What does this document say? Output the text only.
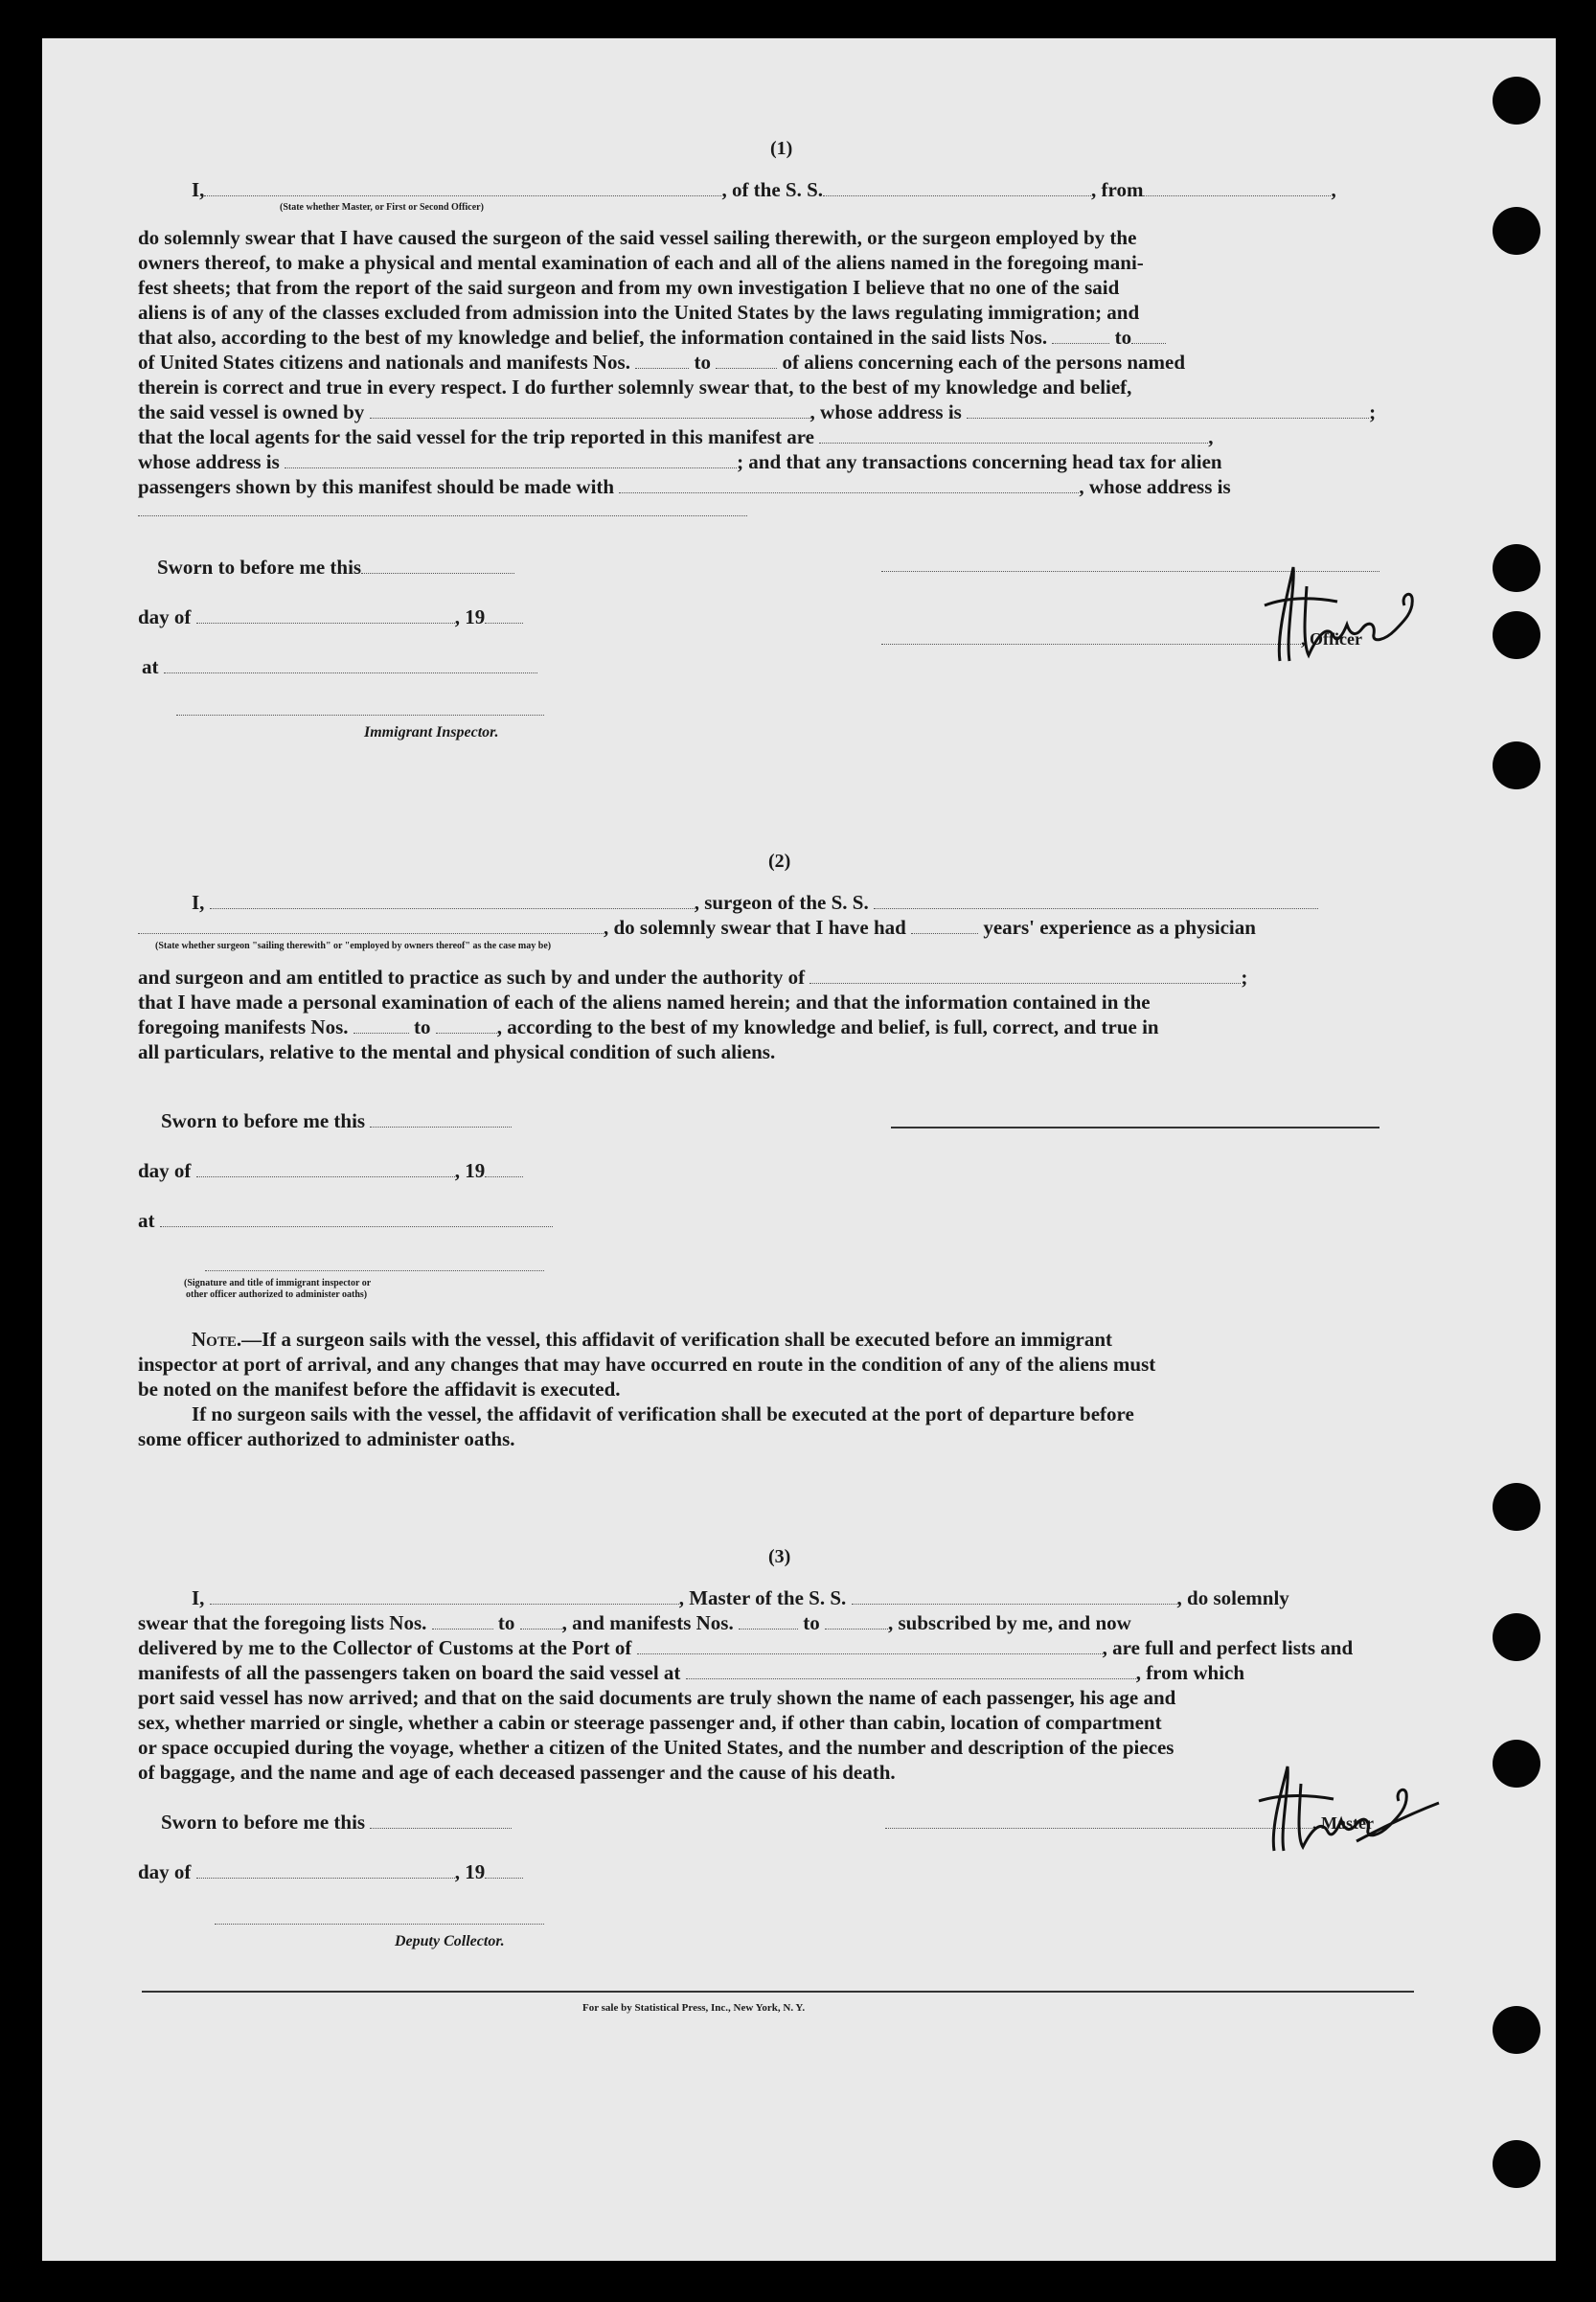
(1)
I,	, of the S. S.	, from	,
(State whether Master, or First or Second Officer)
do solemnly swear that I have caused the surgeon of the said vessel sailing therewith, or the surgeon employed by the
owners thereof, to make a physical and mental examination of each and all of the aliens named in the foregoing mani-
fest sheets; that from the report of the said surgeon and from my own investigation I believe that no one of the said
aliens is of any of the classes excluded from admission into the United States by the laws regulating immigration; and
that also, according to the best of my knowledge and belief, the information contained in the said lists Nos.	to
of United States citizens and nationals and manifests Nos.	to	of aliens concerning each of the persons named
therein is correct and true in every respect. I do further solemnly swear that, to the best of my knowledge and belief,
the said vessel is owned by	, whose address is	;
that the local agents for the said vessel for the trip reported in this manifest are	,
whose address is	; and that any transactions concerning head tax for alien
passengers shown by this manifest should be made with	, whose address is
Sworn to before me this
day of	, 19
at
Immigrant Inspector.
, Officer
(2)
I,	, surgeon of the S. S.
, do solemnly swear that I have had	years' experience as a physician
(State whether surgeon "sailing therewith" or "employed by owners thereof" as the case may be)
and surgeon and am entitled to practice as such by and under the authority of	;
that I have made a personal examination of each of the aliens named herein; and that the information contained in the
foregoing manifests Nos.	to	, according to the best of my knowledge and belief, is full, correct, and true in
all particulars, relative to the mental and physical condition of such aliens.
Sworn to before me this
day of	, 19
at
(Signature and title of immigrant inspector or
other officer authorized to administer oaths)
Note.—If a surgeon sails with the vessel, this affidavit of verification shall be executed before an immigrant
inspector at port of arrival, and any changes that may have occurred en route in the condition of any of the aliens must
be noted on the manifest before the affidavit is executed.
If no surgeon sails with the vessel, the affidavit of verification shall be executed at the port of departure before
some officer authorized to administer oaths.
(3)
I,	, Master of the S. S.	, do solemnly
swear that the foregoing lists Nos.	to , and manifests Nos.	to	, subscribed by me, and now
delivered by me to the Collector of Customs at the Port of	, are full and perfect lists and
manifests of all the passengers taken on board the said vessel at	, from which
port said vessel has now arrived; and that on the said documents are truly shown the name of each passenger, his age and
sex, whether married or single, whether a cabin or steerage passenger and, if other than cabin, location of compartment
or space occupied during the voyage, whether a citizen of the United States, and the number and description of the pieces
of baggage, and the name and age of each deceased passenger and the cause of his death.
Sworn to before me this	, Master
day of	, 19
Deputy Collector.
For sale by Statistical Press, Inc., New York, N. Y.
